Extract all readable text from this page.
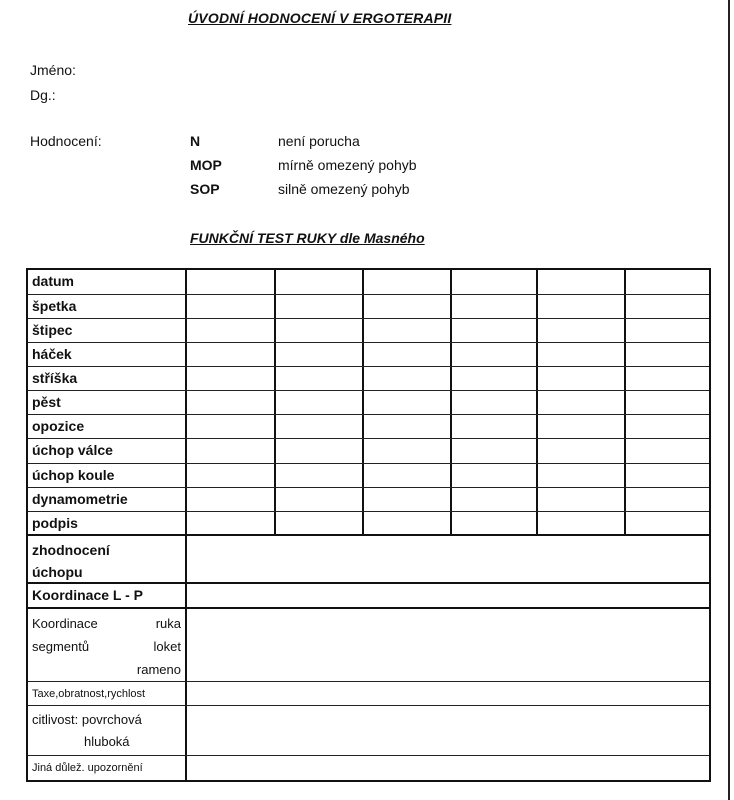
ÚVODNÍ HODNOCENÍ V ERGOTERAPII
Jméno:
Dg.:
Hodnocení:	N	není porucha
MOP	mírně omezený pohyb
SOP	silně omezený pohyb
FUNKČNÍ TEST RUKY dle Masného
datum
špetka
štipec
háček
stříška
pěst
opozice
úchop válce
úchop koule
dynamometrie
podpis
zhodnocení
úchopu
Koordinace L - P
Koordinace	ruka
segmentů	loket
rameno
Taxe,obratnost,rychlost
citlivost: povrchová
hluboká
Jiná důlež. upozornění
